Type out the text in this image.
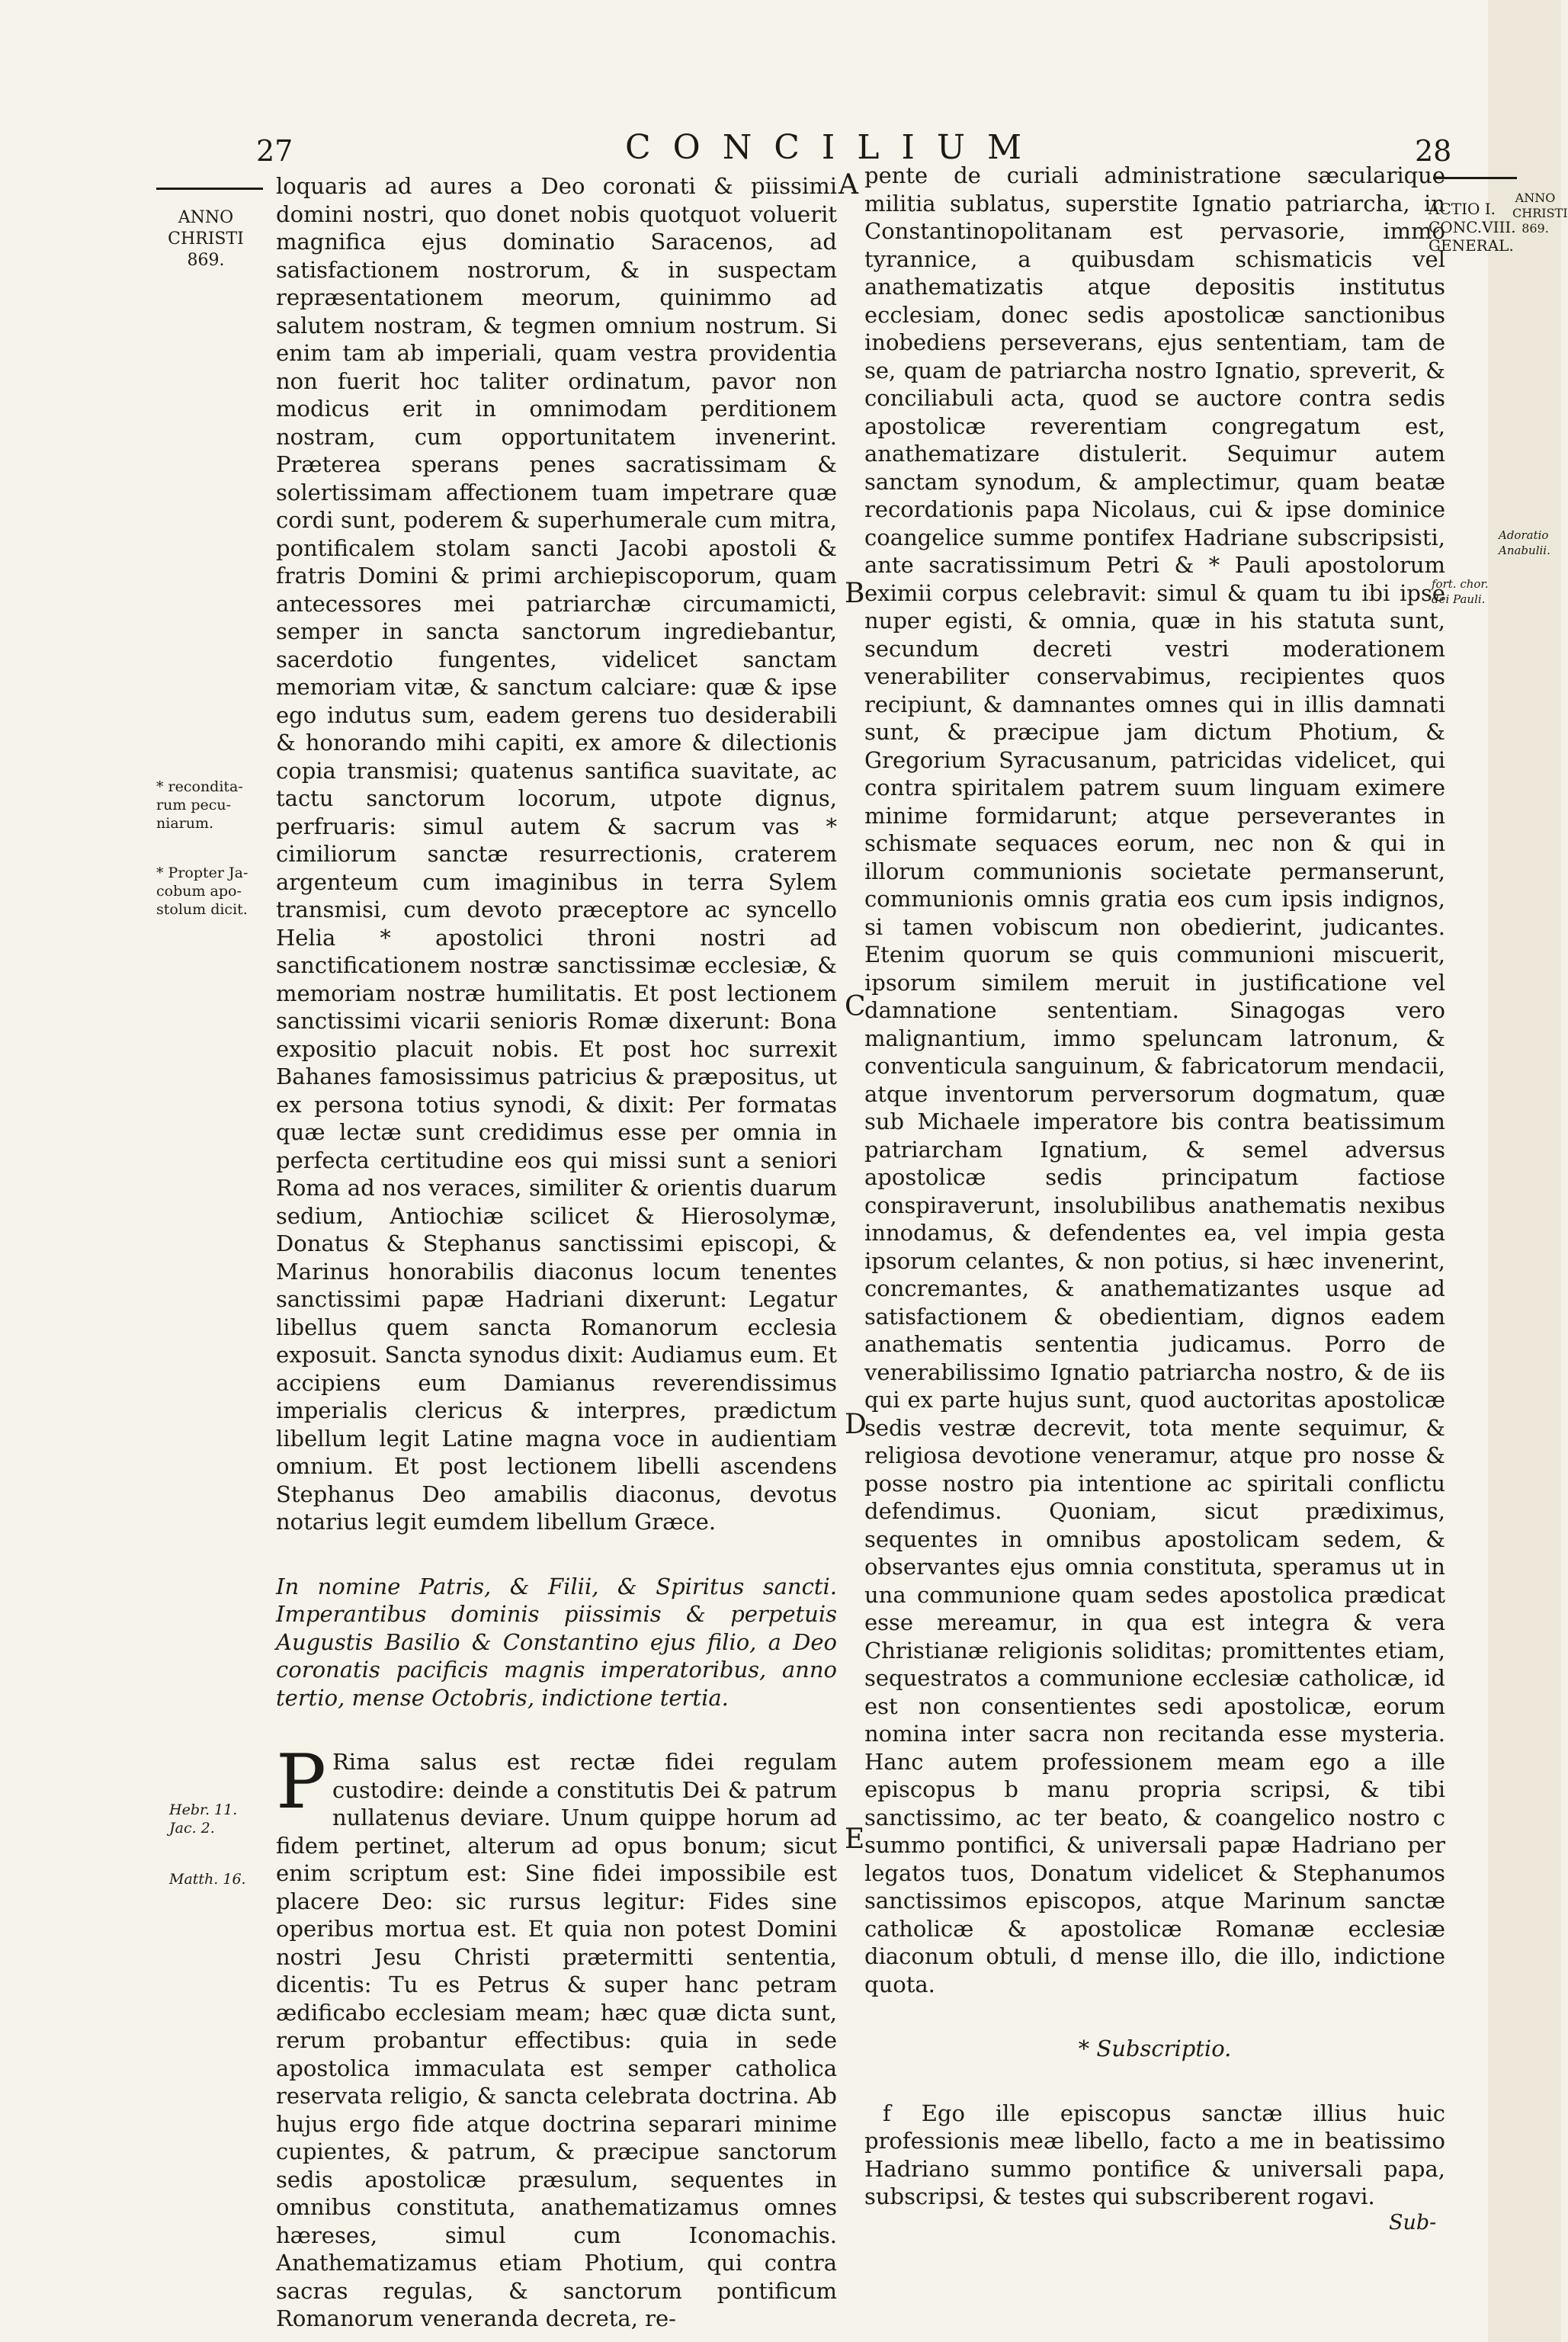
27	CONCILIUM	28
ANNO
CHRISTI
869.
* recondita-
rum pecu-
niarum.
* Propter Ja-
cobum apo-
stolum dicit.
Hebr. 11.
Jac. 2.
Matth. 16.
A
B
C
D
E
ACTIO I.
CONC.VIII.
GENERAL.
ANNO
CHRISTI
869.
Adoratio
Anabulii.
fort. chor.
dei Pauli.

loquaris ad aures a Deo coronati & piissimi domini nostri, quo donet nobis quotquot voluerit magnifica ejus dominatio Saracenos, ad satisfactionem nostrorum, & in suspectam repræsentationem meorum, quinimmo ad salutem nostram, & tegmen omnium nostrum. Si enim tam ab imperiali, quam vestra providentia non fuerit hoc taliter ordinatum, pavor non modicus erit in omnimodam perditionem nostram, cum opportunitatem invenerint. Præterea sperans penes sacratissimam & solertissimam affectionem tuam impetrare quæ cordi sunt, poderem & superhumerale cum mitra, pontificalem stolam sancti Jacobi apostoli & fratris Domini & primi archiepiscoporum, quam antecessores mei patriarchæ circumamicti, semper in sancta sanctorum ingrediebantur, sacerdotio fungentes, videlicet sanctam memoriam vitæ, & sanctum calciare: quæ & ipse ego indutus sum, eadem gerens tuo desiderabili & honorando mihi capiti, ex amore & dilectionis copia transmisi; quatenus santifica suavitate, ac tactu sanctorum locorum, utpote dignus, perfruaris: simul autem & sacrum vas * cimiliorum sanctæ resurrectionis, craterem argenteum cum imaginibus in terra Sylem transmisi, cum devoto præceptore ac syncello Helia * apostolici throni nostri ad sanctificationem nostræ sanctissimæ ecclesiæ, & memoriam nostræ humilitatis. Et post lectionem sanctissimi vicarii senioris Romæ dixerunt: Bona expositio placuit nobis. Et post hoc surrexit Bahanes famosissimus patricius & præpositus, ut ex persona totius synodi, & dixit: Per formatas quæ lectæ sunt credidimus esse per omnia in perfecta certitudine eos qui missi sunt a seniori Roma ad nos veraces, similiter & orientis duarum sedium, Antiochiæ scilicet & Hierosolymæ, Donatus & Stephanus sanctissimi episcopi, & Marinus honorabilis diaconus locum tenentes sanctissimi papæ Hadriani dixerunt: Legatur libellus quem sancta Romanorum ecclesia exposuit. Sancta synodus dixit: Audiamus eum. Et accipiens eum Damianus reverendissimus imperialis clericus & interpres, prædictum libellum legit Latine magna voce in audientiam omnium. Et post lectionem libelli ascendens Stephanus Deo amabilis diaconus, devotus notarius legit eumdem libellum Græce.

In nomine Patris, & Filii, & Spiritus sancti. Imperantibus dominis piissimis & perpetuis Augustis Basilio & Constantino ejus filio, a Deo coronatis pacificis magnis imperatoribus, anno tertio, mense Octobris, indictione tertia.

P Rima salus est rectæ fidei regulam custodire: deinde a constitutis Dei & patrum nullatenus deviare. Unum quippe horum ad fidem pertinet, alterum ad opus bonum; sicut enim scriptum est: Sine fidei impossibile est placere Deo: sic rursus legitur: Fides sine operibus mortua est. Et quia non potest Domini nostri Jesu Christi prætermitti sententia, dicentis: Tu es Petrus & super hanc petram ædificabo ecclesiam meam; hæc quæ dicta sunt, rerum probantur effectibus: quia in sede apostolica immaculata est semper catholica reservata religio, & sancta celebrata doctrina. Ab hujus ergo fide atque doctrina separari minime cupientes, & patrum, & præcipue sanctorum sedis apostolicæ præsulum, sequentes in omnibus constituta, anathematizamus omnes hæreses, simul cum Iconomachis. Anathematizamus etiam Photium, qui contra sacras regulas, & sanctorum pontificum Romanorum veneranda decreta, re-

pente de curiali administratione sæcularique militia sublatus, superstite Ignatio patriarcha, in Constantinopolitanam est pervasorie, immo tyrannice, a quibusdam schismaticis vel anathematizatis atque depositis institutus ecclesiam, donec sedis apostolicæ sanctionibus inobediens perseverans, ejus sententiam, tam de se, quam de patriarcha nostro Ignatio, spreverit, & conciliabuli acta, quod se auctore contra sedis apostolicæ reverentiam congregatum est, anathematizare distulerit. Sequimur autem sanctam synodum, & amplectimur, quam beatæ recordationis papa Nicolaus, cui & ipse dominice coangelice summe pontifex Hadriane subscripsisti, ante sacratissimum Petri & * Pauli apostolorum eximii corpus celebravit: simul & quam tu ibi ipse nuper egisti, & omnia, quæ in his statuta sunt, secundum decreti vestri moderationem venerabiliter conservabimus, recipientes quos recipiunt, & damnantes omnes qui in illis damnati sunt, & præcipue jam dictum Photium, & Gregorium Syracusanum, patricidas videlicet, qui contra spiritalem patrem suum linguam eximere minime formidarunt; atque perseverantes in schismate sequaces eorum, nec non & qui in illorum communionis societate permanserunt, communionis omnis gratia eos cum ipsis indignos, si tamen vobiscum non obedierint, judicantes. Etenim quorum se quis communioni miscuerit, ipsorum similem meruit in justificatione vel damnatione sententiam. Sinagogas vero malignantium, immo speluncam latronum, & conventicula sanguinum, & fabricatorum mendacii, atque inventorum perversorum dogmatum, quæ sub Michaele imperatore bis contra beatissimum patriarcham Ignatium, & semel adversus apostolicæ sedis principatum factiose conspiraverunt, insolubilibus anathematis nexibus innodamus, & defendentes ea, vel impia gesta ipsorum celantes, & non potius, si hæc invenerint, concremantes, & anathematizantes usque ad satisfactionem & obedientiam, dignos eadem anathematis sententia judicamus. Porro de venerabilissimo Ignatio patriarcha nostro, & de iis qui ex parte hujus sunt, quod auctoritas apostolicæ sedis vestræ decrevit, tota mente sequimur, & religiosa devotione veneramur, atque pro nosse & posse nostro pia intentione ac spiritali conflictu defendimus. Quoniam, sicut prædiximus, sequentes in omnibus apostolicam sedem, & observantes ejus omnia constituta, speramus ut in una communione quam sedes apostolica prædicat esse mereamur, in qua est integra & vera Christianæ religionis soliditas; promittentes etiam, sequestratos a communione ecclesiæ catholicæ, id est non consentientes sedi apostolicæ, eorum nomina inter sacra non recitanda esse mysteria. Hanc autem professionem meam ego a ille episcopus b manu propria scripsi, & tibi sanctissimo, ac ter beato, & coangelico nostro c summo pontifici, & universali papæ Hadriano per legatos tuos, Donatum videlicet & Stephanumos sanctissimos episcopos, atque Marinum sanctæ catholicæ & apostolicæ Romanæ ecclesiæ diaconum obtuli, d mense illo, die illo, indictione quota.

* Subscriptio.

f Ego ille episcopus sanctæ illius huic professionis meæ libello, facto a me in beatissimo Hadriano summo pontifice & universali papa, subscripsi, & testes qui subscriberent rogavi.

Sub-
